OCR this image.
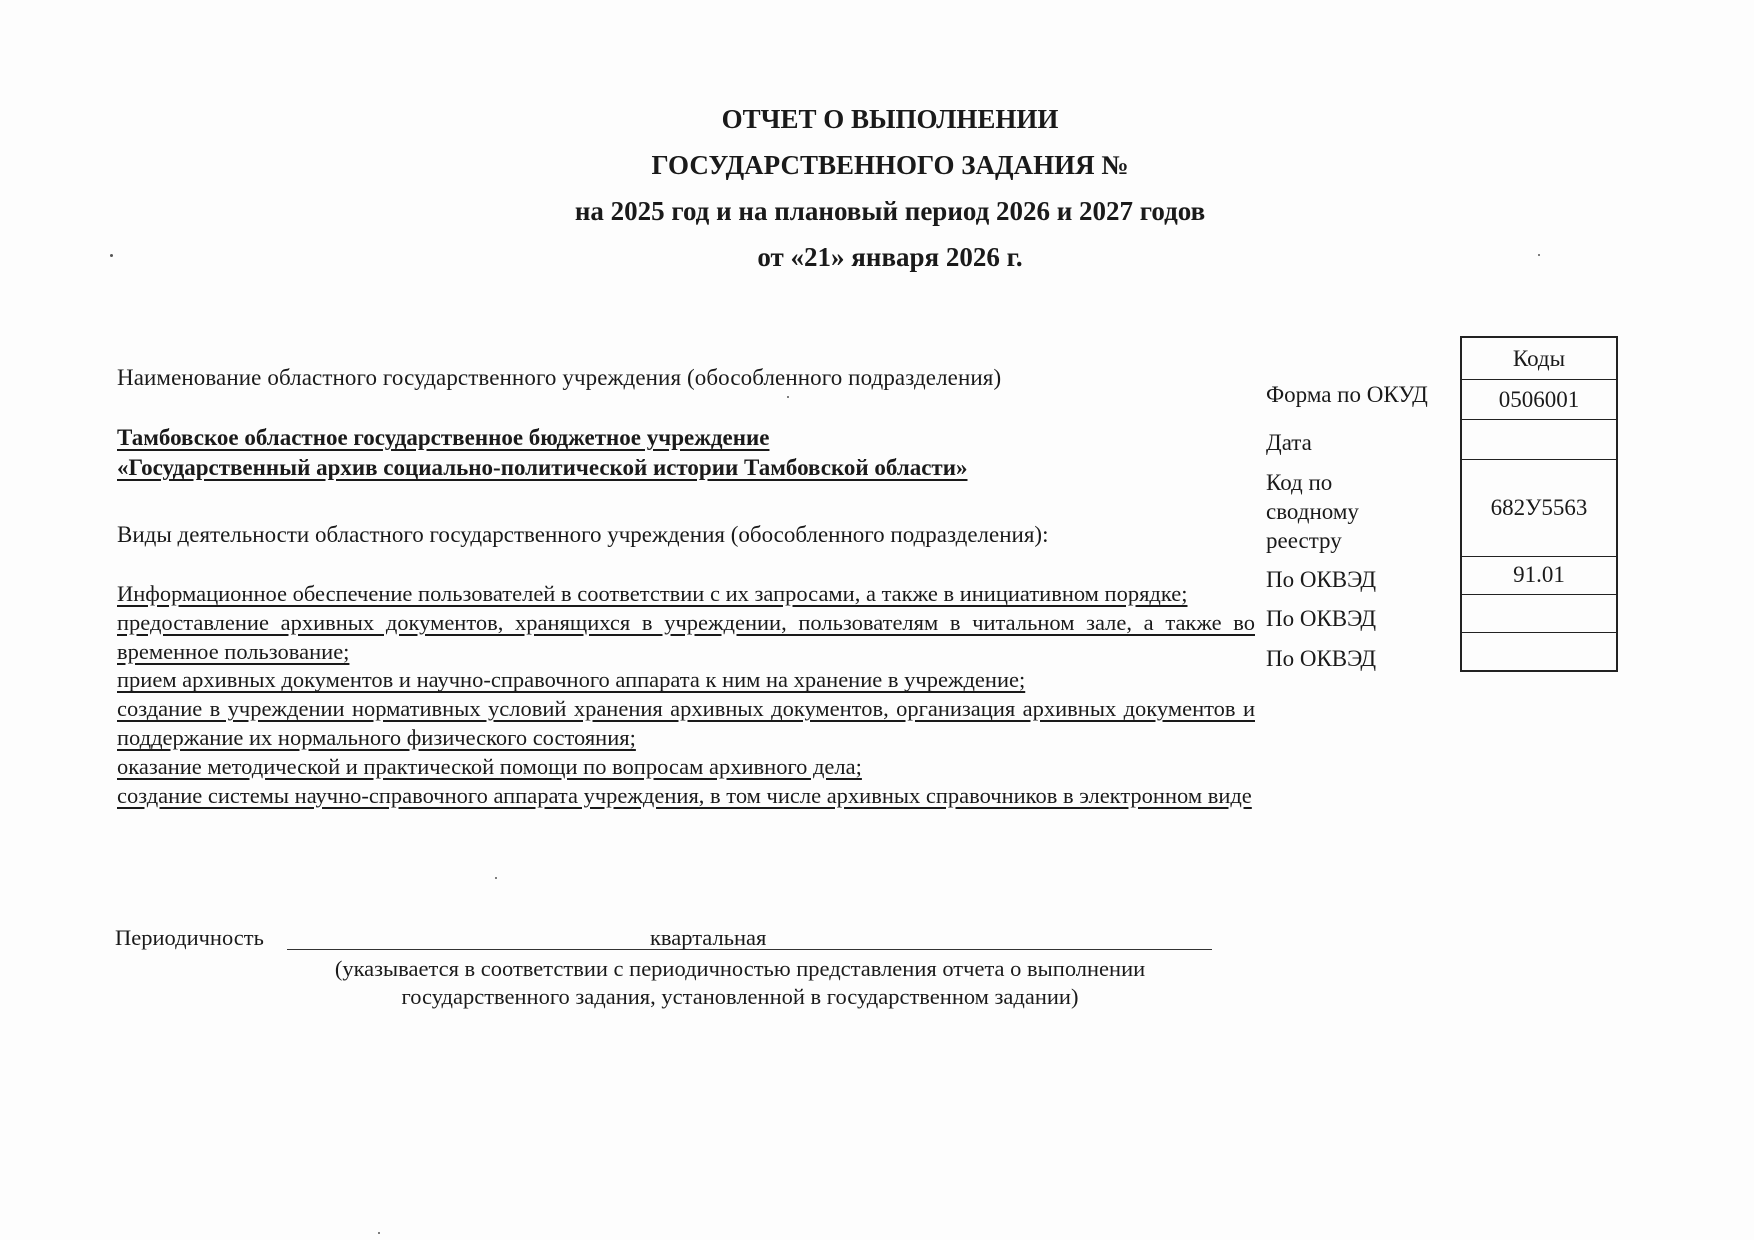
ОТЧЕТ О ВЫПОЛНЕНИИ
ГОСУДАРСТВЕННОГО ЗАДАНИЯ №
на 2025 год и на плановый период 2026 и 2027 годов
от «21» января 2026 г.
Наименование областного государственного учреждения (обособленного подразделения)
Тамбовское областное государственное бюджетное учреждение
«Государственный архив социально-политической истории Тамбовской области»
Виды деятельности областного государственного учреждения (обособленного подразделения):
Информационное обеспечение пользователей в соответствии с их запросами, а также в инициативном порядке;
предоставление архивных документов, хранящихся в учреждении, пользователям в читальном зале, а также во временное пользование;
прием архивных документов и научно-справочного аппарата к ним на хранение в учреждение;
создание в учреждении нормативных условий хранения архивных документов, организация архивных документов и поддержание их нормального физического состояния;
оказание методической и практической помощи по вопросам архивного дела;
создание системы научно-справочного аппарата учреждения, в том числе архивных справочников в электронном виде
Периодичность	квартальная
(указывается в соответствии с периодичностью представления отчета о выполнении
государственного задания, установленной в государственном задании)
Форма по ОКУД
Дата
Код по сводному реестру
По ОКВЭД
По ОКВЭД
По ОКВЭД
Коды
0506001
682У5563
91.01
